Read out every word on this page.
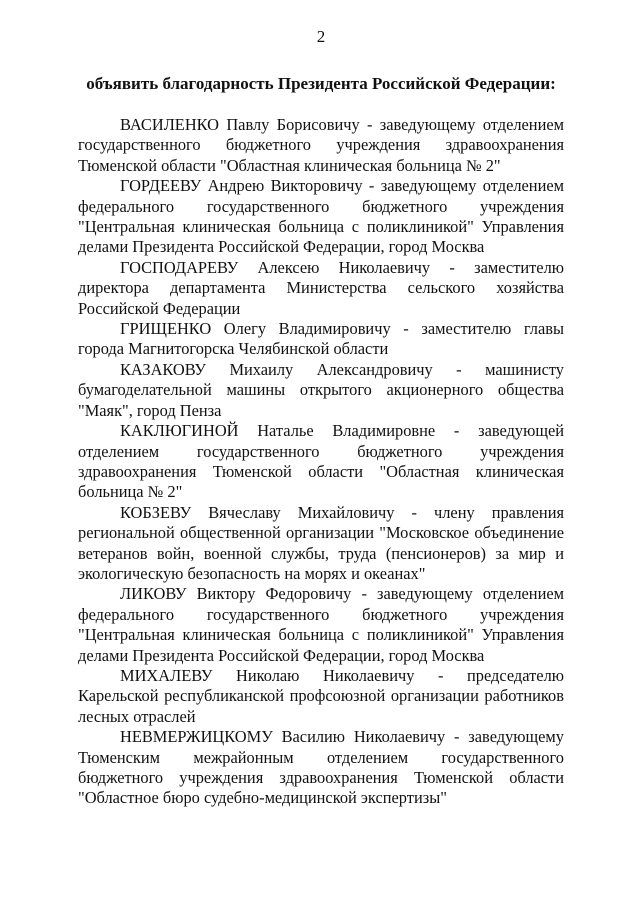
2
объявить благодарность Президента Российской Федерации:

ВАСИЛЕНКО Павлу Борисовичу - заведующему отделением государственного бюджетного учреждения здравоохранения Тюменской области "Областная клиническая больница № 2"

ГОРДЕЕВУ Андрею Викторовичу - заведующему отделением федерального государственного бюджетного учреждения "Центральная клиническая больница с поликлиникой" Управления делами Президента Российской Федерации, город Москва

ГОСПОДАРЕВУ Алексею Николаевичу - заместителю директора департамента Министерства сельского хозяйства Российской Федерации

ГРИЩЕНКО Олегу Владимировичу - заместителю главы города Магнитогорска Челябинской области

КАЗАКОВУ Михаилу Александровичу - машинисту бумагоделательной машины открытого акционерного общества "Маяк", город Пенза

КАКЛЮГИНОЙ Наталье Владимировне - заведующей отделением государственного бюджетного учреждения здравоохранения Тюменской области "Областная клиническая больница № 2"

КОБЗЕВУ Вячеславу Михайловичу - члену правления региональной общественной организации "Московское объединение ветеранов войн, военной службы, труда (пенсионеров) за мир и экологическую безопасность на морях и океанах"

ЛИКОВУ Виктору Федоровичу - заведующему отделением федерального государственного бюджетного учреждения "Центральная клиническая больница с поликлиникой" Управления делами Президента Российской Федерации, город Москва

МИХАЛЕВУ Николаю Николаевичу - председателю Карельской республиканской профсоюзной организации работников лесных отраслей

НЕВМЕРЖИЦКОМУ Василию Николаевичу - заведующему Тюменским межрайонным отделением государственного бюджетного учреждения здравоохранения Тюменской области "Областное бюро судебно-медицинской экспертизы"
